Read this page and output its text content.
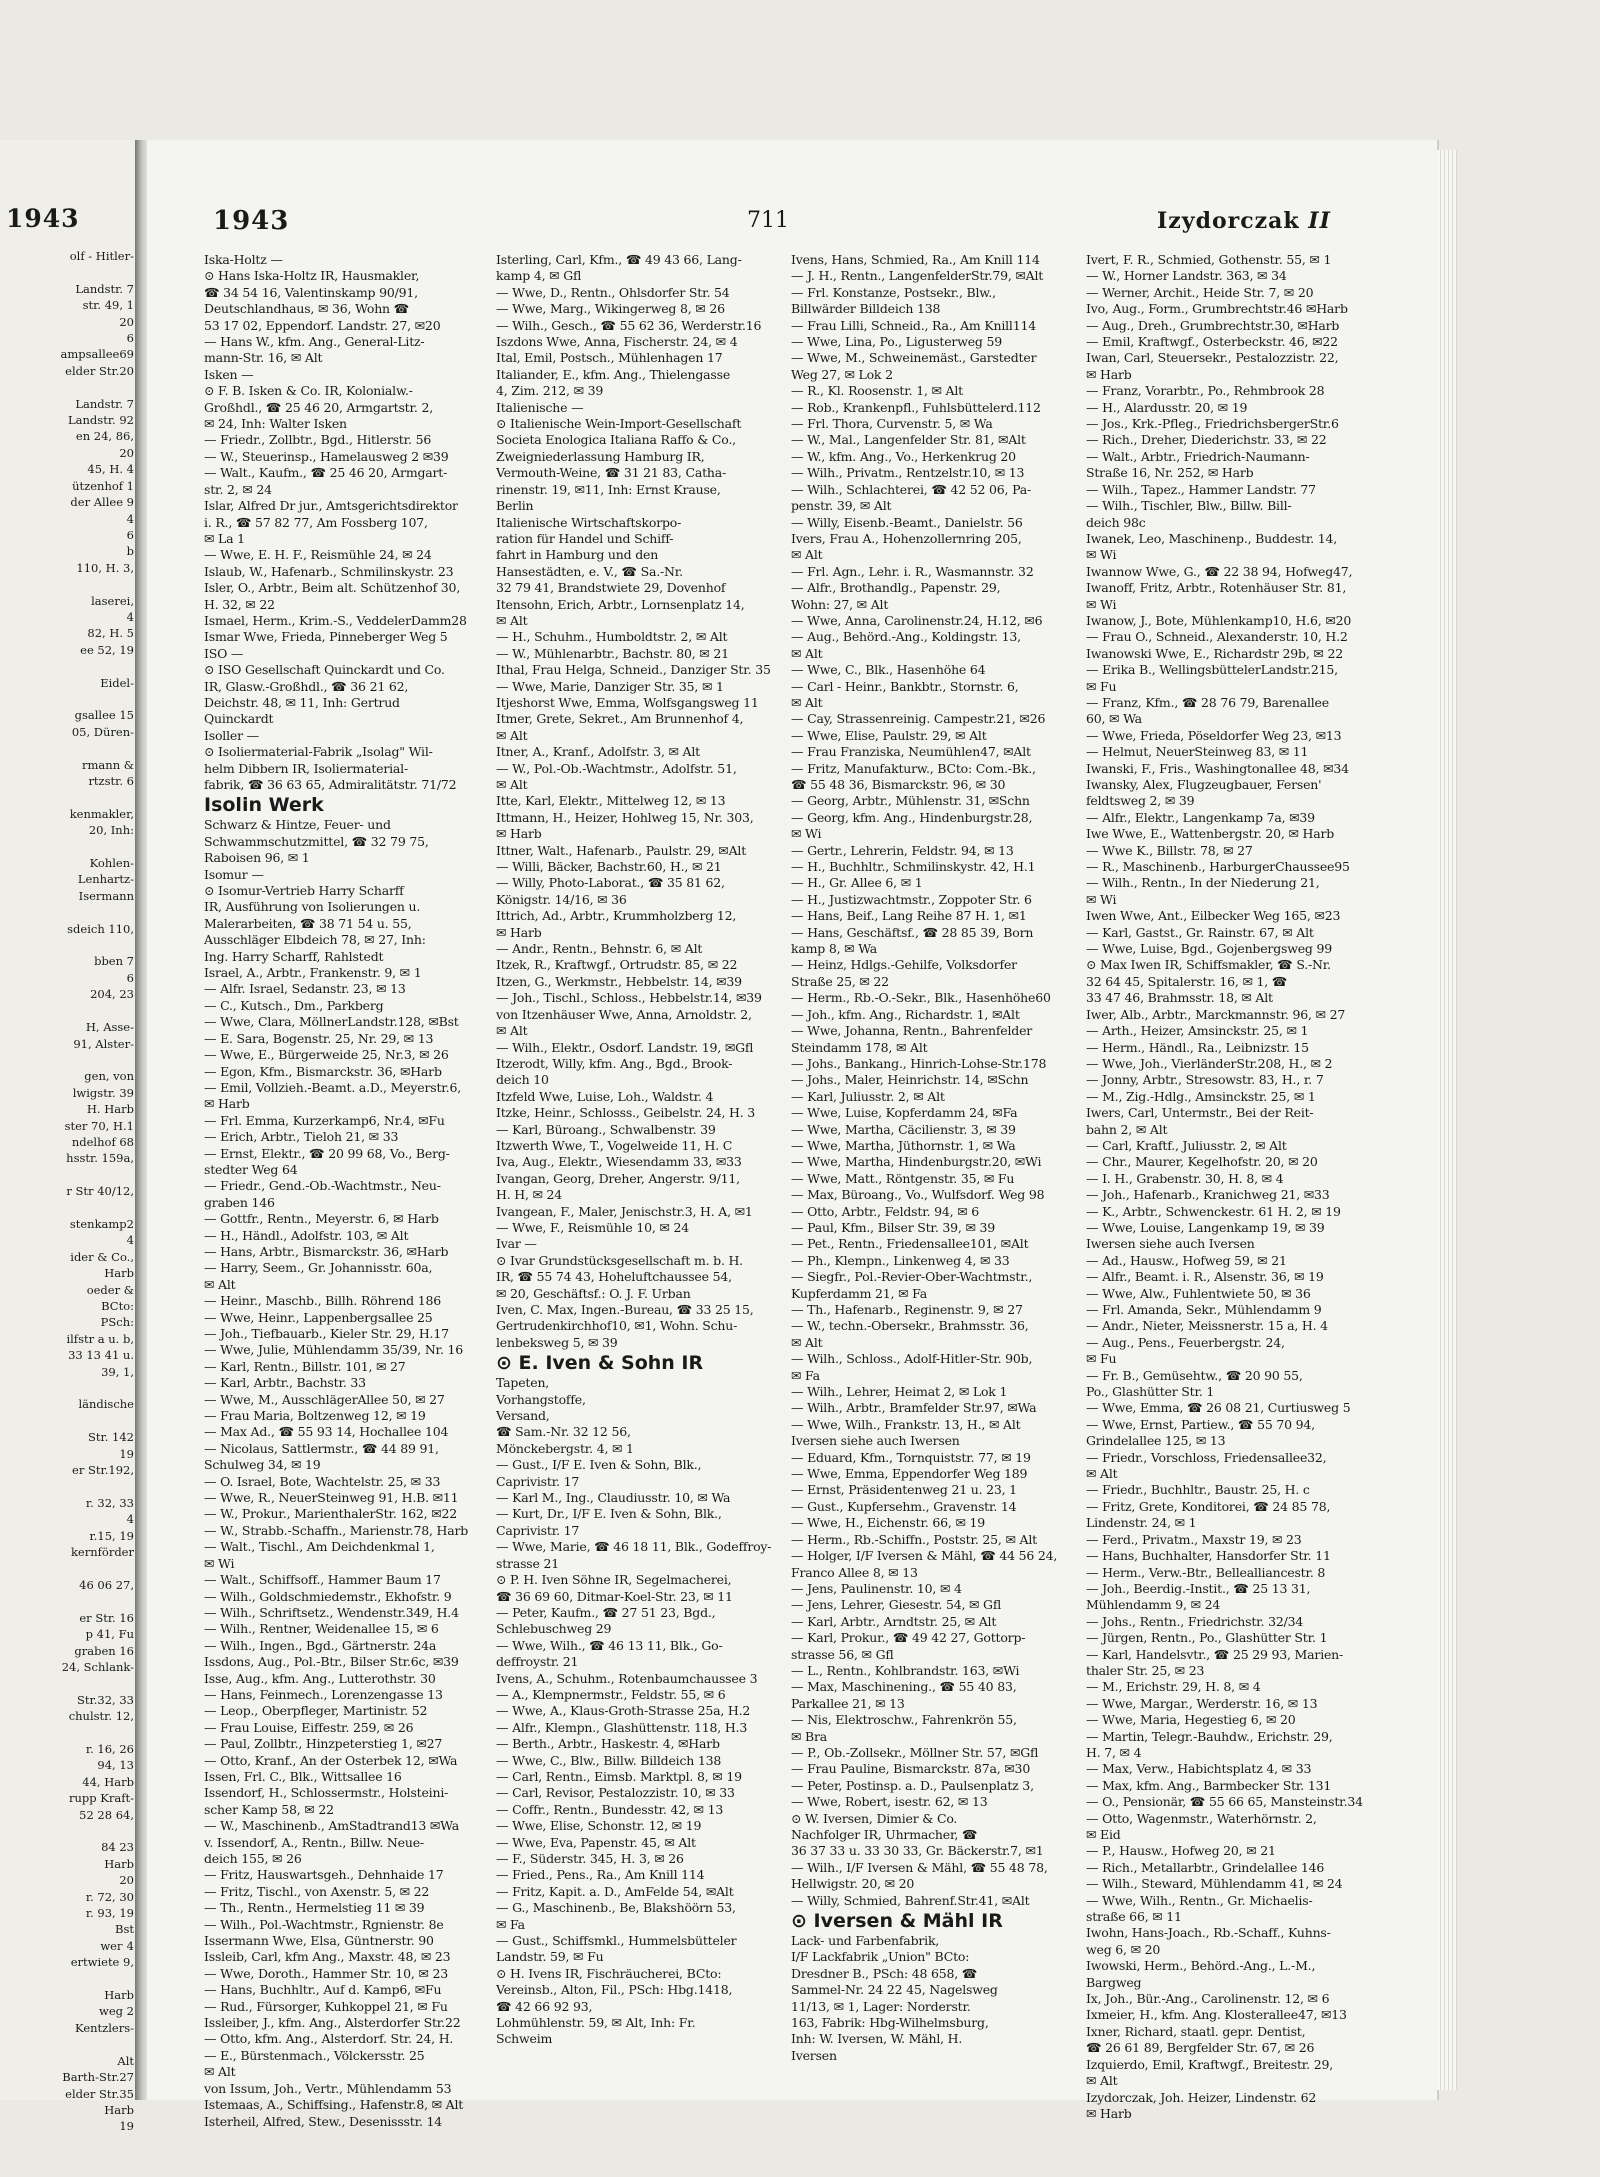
1943
olf - Hitler-

Landstr. 7
str. 49, 1
20
6
ampsallee69
elder Str.20

Landstr. 7
Landstr. 92
en 24, 86,
20
45, H. 4
ützenhof 1
der Allee 9
4
6
b
110, H. 3,

laserei,
4
82, H. 5
ee 52, 19

Eidel-

gsallee 15
05, Düren-

rmann &
rtzstr. 6

kenmakler,
20, Inh:

Kohlen-
Lenhartz-
Isermann

sdeich 110,

bben 7
6
204, 23

H, Asse-
91, Alster-

gen, von
lwigstr. 39
H. Harb
ster 70, H.1
ndelhof 68
hsstr. 159a,

r Str 40/12,

stenkamp2
4
ider & Co.,
Harb
oeder &
BCto:
PSch:
ilfstr a u. b,
33 13 41 u.
39, 1,

ländische

Str. 142
19
er Str.192,

r. 32, 33
4
r.15, 19
kernförder

46 06 27,

er Str. 16
p 41, Fu
graben 16
24, Schlank-

Str.32, 33
chulstr. 12,

r. 16, 26
94, 13
44, Harb
rupp Kraft-
52 28 64,

84 23
Harb
20
r. 72, 30
r. 93, 19
Bst
wег 4
ertwiete 9,

Harb
weg 2
Kentzlers-

Alt
Barth-Str.27
elder Str.35
Harb
19
1943	711	Izydorczak II
Iska-Holtz —
⊙ Hans Iska-Holtz IR, Hausmakler,
☎ 34 54 16, Valentinskamp 90/91,
Deutschlandhaus, ✉ 36, Wohn ☎
53 17 02, Eppendorf. Landstr. 27, ✉20
— Hans W., kfm. Ang., General-Litz-
mann-Str. 16, ✉ Alt
Isken —
⊙ F. B. Isken & Co. IR, Kolonialw.-
Großhdl., ☎ 25 46 20, Armgartstr. 2,
✉ 24, Inh: Walter Isken
— Friedr., Zollbtr., Bgd., Hitlerstr. 56
— W., Steuerinsp., Hamelausweg 2 ✉39
— Walt., Kaufm., ☎ 25 46 20, Armgart-
str. 2, ✉ 24
Islar, Alfred Dr jur., Amtsgerichtsdirektor
i. R., ☎ 57 82 77, Am Fossberg 107,
✉ La 1
— Wwe, E. H. F., Reismühle 24, ✉ 24
Islaub, W., Hafenarb., Schmilinskystr. 23
Isler, O., Arbtr., Beim alt. Schützenhof 30,
H. 32, ✉ 22
Ismael, Herm., Krim.-S., VeddelerDamm28
Ismar Wwe, Frieda, Pinneberger Weg 5
ISO —
⊙ ISO Gesellschaft Quinckardt und Co.
IR, Glasw.-Großhdl., ☎ 36 21 62,
Deichstr. 48, ✉ 11, Inh: Gertrud
Quinckardt
Isoller —
⊙ Isoliermaterial-Fabrik „Isolag" Wil-
helm Dibbern IR, Isoliermaterial-
fabrik, ☎ 36 63 65, Admiralitätstr. 71/72
Isolin Werk
Schwarz & Hintze, Feuer- und
Schwammschutzmittel, ☎ 32 79 75,
Raboisen 96, ✉ 1
Isomur —
⊙ Isomur-Vertrieb Harry Scharff
IR, Ausführung von Isolierungen u.
Malerarbeiten, ☎ 38 71 54 u. 55,
Ausschläger Elbdeich 78, ✉ 27, Inh:
Ing. Harry Scharff, Rahlstedt
Israel, A., Arbtr., Frankenstr. 9, ✉ 1
— Alfr. Israel, Sedanstr. 23, ✉ 13
— C., Kutsch., Dm., Parkberg
— Wwe, Clara, MöllnerLandstr.128, ✉Bst
— E. Sara, Bogenstr. 25, Nr. 29, ✉ 13
— Wwe, E., Bürgerweide 25, Nr.3, ✉ 26
— Egon, Kfm., Bismarckstr. 36, ✉Harb
— Emil, Vollzieh.-Beamt. a.D., Meyerstr.6,
✉ Harb
— Frl. Emma, Kurzerkamp6, Nr.4, ✉Fu
— Erich, Arbtr., Tieloh 21, ✉ 33
— Ernst, Elektr., ☎ 20 99 68, Vo., Berg-
stedter Weg 64
— Friedr., Gend.-Ob.-Wachtmstr., Neu-
graben 146
— Gottfr., Rentn., Meyerstr. 6, ✉ Harb
— H., Händl., Adolfstr. 103, ✉ Alt
— Hans, Arbtr., Bismarckstr. 36, ✉Harb
— Harry, Seem., Gr. Johannisstr. 60a,
✉ Alt
— Heinr., Maschb., Billh. Röhrend 186
— Wwe, Heinr., Lappenbergsallee 25
— Joh., Tiefbauarb., Kieler Str. 29, H.17
— Wwe, Julie, Mühlendamm 35/39, Nr. 16
— Karl, Rentn., Billstr. 101, ✉ 27
— Karl, Arbtr., Bachstr. 33
— Wwe, M., AusschlägerAllee 50, ✉ 27
— Frau Maria, Boltzenweg 12, ✉ 19
— Max Ad., ☎ 55 93 14, Hochallee 104
— Nicolaus, Sattlermstr., ☎ 44 89 91,
Schulweg 34, ✉ 19
— O. Israel, Bote, Wachtelstr. 25, ✉ 33
— Wwe, R., NeuerSteinweg 91, H.B. ✉11
— W., Prokur., MarienthalerStr. 162, ✉22
— W., Strabb.-Schaffn., Marienstr.78, Harb
— Walt., Tischl., Am Deichdenkmal 1,
✉ Wi
— Walt., Schiffsoff., Hammer Baum 17
— Wilh., Goldschmiedemstr., Ekhofstr. 9
— Wilh., Schriftsetz., Wendenstr.349, H.4
— Wilh., Rentner, Weidenallee 15, ✉ 6
— Wilh., Ingen., Bgd., Gärtnerstr. 24a
Issdons, Aug., Pol.-Btr., Bilser Str.6c, ✉39
Isse, Aug., kfm. Ang., Lutterothstr. 30
— Hans, Feinmech., Lorenzengasse 13
— Leop., Oberpfleger, Martinistr. 52
— Frau Louise, Eiffestr. 259, ✉ 26
— Paul, Zollbtr., Hinzpeterstieg 1, ✉27
— Otto, Kranf., An der Osterbek 12, ✉Wa
Issen, Frl. C., Blk., Wittsallee 16
Issendorf, H., Schlossermstr., Holsteini-
scher Kamp 58, ✉ 22
— W., Maschinenb., AmStadtrand13 ✉Wa
v. Issendorf, A., Rentn., Billw. Neue-
deich 155, ✉ 26
— Fritz, Hauswartsgeh., Dehnhaide 17
— Fritz, Tischl., von Axenstr. 5, ✉ 22
— Th., Rentn., Hermelstieg 11 ✉ 39
— Wilh., Pol.-Wachtmstr., Rgnienstr. 8e
Issermann Wwe, Elsa, Güntnerstr. 90
Issleib, Carl, kfm Ang., Maxstr. 48, ✉ 23
— Wwe, Doroth., Hammer Str. 10, ✉ 23
— Hans, Buchhltr., Auf d. Kamp6, ✉Fu
— Rud., Fürsorger, Kuhkoppel 21, ✉ Fu
Issleiber, J., kfm. Ang., Alsterdorfer Str.22
— Otto, kfm. Ang., Alsterdorf. Str. 24, H.
— E., Bürstenmach., Völckersstr. 25
✉ Alt
von Issum, Joh., Vertr., Mühlendamm 53
Istemaas, A., Schiffsing., Hafenstr.8, ✉ Alt
Isterheil, Alfred, Stew., Desenissstr. 14
Isterling, Carl, Kfm., ☎ 49 43 66, Lang-
kamp 4, ✉ Gfl
— Wwe, D., Rentn., Ohlsdorfer Str. 54
— Wwe, Marg., Wikingerweg 8, ✉ 26
— Wilh., Gesch., ☎ 55 62 36, Werderstr.16
Iszdons Wwe, Anna, Fischerstr. 24, ✉ 4
Ital, Emil, Postsch., Mühlenhagen 17
Italiander, E., kfm. Ang., Thielengasse
4, Zim. 212, ✉ 39
Italienische —
⊙ Italienische Wein-Import-Gesellschaft
Societa Enologica Italiana Raffo & Co.,
Zweigniederlassung Hamburg IR,
Vermouth-Weine, ☎ 31 21 83, Catha-
rinenstr. 19, ✉11, Inh: Ernst Krause,
Berlin
Italienische Wirtschaftskorpo-
ration für Handel und Schiff-
fahrt in Hamburg und den
Hansestädten, e. V., ☎ Sa.-Nr.
32 79 41, Brandstwiete 29, Dovenhof
Itensohn, Erich, Arbtr., Lornsenplatz 14,
✉ Alt
— H., Schuhm., Humboldtstr. 2, ✉ Alt
— W., Mühlenarbtr., Bachstr. 80, ✉ 21
Ithal, Frau Helga, Schneid., Danziger Str. 35
— Wwe, Marie, Danziger Str. 35, ✉ 1
Itjeshorst Wwe, Emma, Wolfsgangsweg 11
Itmer, Grete, Sekret., Am Brunnenhof 4,
✉ Alt
Itner, A., Kranf., Adolfstr. 3, ✉ Alt
— W., Pol.-Ob.-Wachtmstr., Adolfstr. 51,
✉ Alt
Itte, Karl, Elektr., Mittelweg 12, ✉ 13
Ittmann, H., Heizer, Hohlweg 15, Nr. 303,
✉ Harb
Ittner, Walt., Hafenarb., Paulstr. 29, ✉Alt
— Willi, Bäcker, Bachstr.60, H., ✉ 21
— Willy, Photo-Laborat., ☎ 35 81 62,
Königstr. 14/16, ✉ 36
Ittrich, Ad., Arbtr., Krummholzberg 12,
✉ Harb
— Andr., Rentn., Behnstr. 6, ✉ Alt
Itzek, R., Kraftwgf., Ortrudstr. 85, ✉ 22
Itzen, G., Werkmstr., Hebbelstr. 14, ✉39
— Joh., Tischl., Schloss., Hebbelstr.14, ✉39
von Itzenhäuser Wwe, Anna, Arnoldstr. 2,
✉ Alt
— Wilh., Elektr., Osdorf. Landstr. 19, ✉Gfl
Itzerodt, Willy, kfm. Ang., Bgd., Brook-
deich 10
Itzfeld Wwe, Luise, Loh., Waldstr. 4
Itzke, Heinr., Schlosss., Geibelstr. 24, H. 3
— Karl, Büroang., Schwalbenstr. 39
Itzwerth Wwe, T., Vogelweide 11, H. C
Iva, Aug., Elektr., Wiesendamm 33, ✉33
Ivangan, Georg, Dreher, Angerstr. 9/11,
H. H, ✉ 24
Ivangean, F., Maler, Jenischstr.3, H. A, ✉1
— Wwe, F., Reismühle 10, ✉ 24
Ivar —
⊙ Ivar Grundstücksgesellschaft m. b. H.
IR, ☎ 55 74 43, Hoheluftchaussee 54,
✉ 20, Geschäftsf.: O. J. F. Urban
Iven, C. Max, Ingen.-Bureau, ☎ 33 25 15,
Gertrudenkirchhof10, ✉1, Wohn. Schu-
lenbeksweg 5, ✉ 39
⊙ E. Iven & Sohn IR
Tapeten,
Vorhangstoffe,
Versand,
☎ Sam.-Nr. 32 12 56,
Mönckebergstr. 4, ✉ 1
— Gust., I/F E. Iven & Sohn, Blk.,
Caprivistr. 17
— Karl M., Ing., Claudiusstr. 10, ✉ Wa
— Kurt, Dr., I/F E. Iven & Sohn, Blk.,
Caprivistr. 17
— Wwe, Marie, ☎ 46 18 11, Blk., Godeffroy-
strasse 21
⊙ P. H. Iven Söhne IR, Segelmacherei,
☎ 36 69 60, Ditmar-Koel-Str. 23, ✉ 11
— Peter, Kaufm., ☎ 27 51 23, Bgd.,
Schlebuschweg 29
— Wwe, Wilh., ☎ 46 13 11, Blk., Go-
deffroystr. 21
Ivens, A., Schuhm., Rotenbaumchaussee 3
— A., Klempnermstr., Feldstr. 55, ✉ 6
— Wwe, A., Klaus-Groth-Strasse 25a, H.2
— Alfr., Klempn., Glashüttenstr. 118, H.3
— Berth., Arbtr., Haskestr. 4, ✉Harb
— Wwe, C., Blw., Billw. Billdeich 138
— Carl, Rentn., Eimsb. Marktpl. 8, ✉ 19
— Carl, Revisor, Pestalozzistr. 10, ✉ 33
— Coffr., Rentn., Bundesstr. 42, ✉ 13
— Wwe, Elise, Schonstr. 12, ✉ 19
— Wwe, Eva, Papenstr. 45, ✉ Alt
— F., Süderstr. 345, H. 3, ✉ 26
— Fried., Pens., Ra., Am Knill 114
— Fritz, Kapit. a. D., AmFelde 54, ✉Alt
— G., Maschinenb., Be, Blakshöörn 53,
✉ Fa
— Gust., Schiffsmkl., Hummelsbütteler
Landstr. 59, ✉ Fu
⊙ H. Ivens IR, Fischräucherei, BCto:
Vereinsb., Alton, Fil., PSch: Hbg.1418,
☎ 42 66 92 93,
Lohmühlenstr. 59, ✉ Alt, Inh: Fr.
Schweim
Ivens, Hans, Schmied, Ra., Am Knill 114
— J. H., Rentn., LangenfelderStr.79, ✉Alt
— Frl. Konstanze, Postsekr., Blw.,
Billwärder Billdeich 138
— Frau Lilli, Schneid., Ra., Am Knill114
— Wwe, Lina, Po., Ligusterweg 59
— Wwe, M., Schweinemäst., Garstedter
Weg 27, ✉ Lok 2
— R., Kl. Roosenstr. 1, ✉ Alt
— Rob., Krankenpfl., Fuhlsbüttelerd.112
— Frl. Thora, Curvenstr. 5, ✉ Wa
— W., Mal., Langenfelder Str. 81, ✉Alt
— W., kfm. Ang., Vo., Herkenkrug 20
— Wilh., Privatm., Rentzelstr.10, ✉ 13
— Wilh., Schlachterei, ☎ 42 52 06, Pa-
penstr. 39, ✉ Alt
— Willy, Eisenb.-Beamt., Danielstr. 56
Ivers, Frau A., Hohenzollernring 205,
✉ Alt
— Frl. Agn., Lehr. i. R., Wasmannstr. 32
— Alfr., Brothandlg., Papenstr. 29,
Wohn: 27, ✉ Alt
— Wwe, Anna, Carolinenstr.24, H.12, ✉6
— Aug., Behörd.-Ang., Koldingstr. 13,
✉ Alt
— Wwe, C., Blk., Hasenhöhe 64
— Carl - Heinr., Bankbtr., Stornstr. 6,
✉ Alt
— Cay, Strassenreinig. Campestr.21, ✉26
— Wwe, Elise, Paulstr. 29, ✉ Alt
— Frau Franziska, Neumühlen47, ✉Alt
— Fritz, Manufakturw., BCto: Com.-Bk.,
☎ 55 48 36, Bismarckstr. 96, ✉ 30
— Georg, Arbtr., Mühlenstr. 31, ✉Schn
— Georg, kfm. Ang., Hindenburgstr.28,
✉ Wi
— Gertr., Lehrerin, Feldstr. 94, ✉ 13
— H., Buchhltr., Schmilinskystr. 42, H.1
— H., Gr. Allee 6, ✉ 1
— H., Justizwachtmstr., Zoppoter Str. 6
— Hans, Beif., Lang Reihe 87 H. 1, ✉1
— Hans, Geschäftsf., ☎ 28 85 39, Born
kamp 8, ✉ Wa
— Heinz, Hdlgs.-Gehilfe, Volksdorfer
Straße 25, ✉ 22
— Herm., Rb.-O.-Sekr., Blk., Hasenhöhe60
— Joh., kfm. Ang., Richardstr. 1, ✉Alt
— Wwe, Johanna, Rentn., Bahrenfelder
Steindamm 178, ✉ Alt
— Johs., Bankang., Hinrich-Lohse-Str.178
— Johs., Maler, Heinrichstr. 14, ✉Schn
— Karl, Juliusstr. 2, ✉ Alt
— Wwe, Luise, Kopferdamm 24, ✉Fa
— Wwe, Martha, Cäcilienstr. 3, ✉ 39
— Wwe, Martha, Jüthornstr. 1, ✉ Wa
— Wwe, Martha, Hindenburgstr.20, ✉Wi
— Wwe, Matt., Röntgenstr. 35, ✉ Fu
— Max, Büroang., Vo., Wulfsdorf. Weg 98
— Otto, Arbtr., Feldstr. 94, ✉ 6
— Paul, Kfm., Bilser Str. 39, ✉ 39
— Pet., Rentn., Friedensallee101, ✉Alt
— Ph., Klempn., Linkenweg 4, ✉ 33
— Siegfr., Pol.-Revier-Ober-Wachtmstr.,
Kupferdamm 21, ✉ Fa
— Th., Hafenarb., Reginenstr. 9, ✉ 27
— W., techn.-Obersekr., Brahmsstr. 36,
✉ Alt
— Wilh., Schloss., Adolf-Hitler-Str. 90b,
✉ Fa
— Wilh., Lehrer, Heimat 2, ✉ Lok 1
— Wilh., Arbtr., Bramfelder Str.97, ✉Wa
— Wwe, Wilh., Frankstr. 13, H., ✉ Alt
Iversen siehe auch Iwersen
— Eduard, Kfm., Tornquiststr. 77, ✉ 19
— Wwe, Emma, Eppendorfer Weg 189
— Ernst, Präsidentenweg 21 u. 23, 1
— Gust., Kupfersehm., Gravenstr. 14
— Wwe, H., Eichenstr. 66, ✉ 19
— Herm., Rb.-Schiffn., Poststr. 25, ✉ Alt
— Holger, I/F Iversen & Mähl, ☎ 44 56 24,
Franco Allee 8, ✉ 13
— Jens, Paulinenstr. 10, ✉ 4
— Jens, Lehrer, Giesestr. 54, ✉ Gfl
— Karl, Arbtr., Arndtstr. 25, ✉ Alt
— Karl, Prokur., ☎ 49 42 27, Gottorp-
strasse 56, ✉ Gfl
— L., Rentn., Kohlbrandstr. 163, ✉Wi
— Max, Maschinening., ☎ 55 40 83,
Parkallee 21, ✉ 13
— Nis, Elektroschw., Fahrenkrön 55,
✉ Bra
— P., Ob.-Zollsekr., Möllner Str. 57, ✉Gfl
— Frau Pauline, Bismarckstr. 87a, ✉30
— Peter, Postinsp. a. D., Paulsenplatz 3,
— Wwe, Robert, isestr. 62, ✉ 13
⊙ W. Iversen, Dimier & Co.
Nachfolger IR, Uhrmacher, ☎
36 37 33 u. 33 30 33, Gr. Bäckerstr.7, ✉1
— Wilh., I/F Iversen & Mähl, ☎ 55 48 78,
Hellwigstr. 20, ✉ 20
— Willy, Schmied, Bahrenf.Str.41, ✉Alt
⊙ Iversen & Mähl IR
Lack- und Farbenfabrik,
I/F Lackfabrik „Union" BCto:
Dresdner B., PSch: 48 658, ☎
Sammel-Nr. 24 22 45, Nagelsweg
11/13, ✉ 1, Lager: Norderstr.
163, Fabrik: Hbg-Wilhelmsburg,
Inh: W. Iversen, W. Mähl, H.
Iversen
Ivert, F. R., Schmied, Gothenstr. 55, ✉ 1
— W., Horner Landstr. 363, ✉ 34
— Werner, Archit., Heide Str. 7, ✉ 20
Ivo, Aug., Form., Grumbrechtstr.46 ✉Harb
— Aug., Dreh., Grumbrechtstr.30, ✉Harb
— Emil, Kraftwgf., Osterbeckstr. 46, ✉22
Iwan, Carl, Steuersekr., Pestalozzistr. 22,
✉ Harb
— Franz, Vorarbtr., Po., Rehmbrook 28
— H., Alardusstr. 20, ✉ 19
— Jos., Krk.-Pfleg., FriedrichsbergerStr.6
— Rich., Dreher, Diederichstr. 33, ✉ 22
— Walt., Arbtr., Friedrich-Naumann-
Straße 16, Nr. 252, ✉ Harb
— Wilh., Tapez., Hammer Landstr. 77
— Wilh., Tischler, Blw., Billw. Bill-
deich 98c
Iwanek, Leo, Maschinenp., Buddestr. 14,
✉ Wi
Iwannow Wwe, G., ☎ 22 38 94, Hofweg47,
Iwanoff, Fritz, Arbtr., Rotenhäuser Str. 81,
✉ Wi
Iwanow, J., Bote, Mühlenkamp10, H.6, ✉20
— Frau O., Schneid., Alexanderstr. 10, H.2
Iwanowski Wwe, E., Richardstr 29b, ✉ 22
— Erika B., WellingsbüttelerLandstr.215,
✉ Fu
— Franz, Kfm., ☎ 28 76 79, Barenallee
60, ✉ Wa
— Wwe, Frieda, Pöseldorfer Weg 23, ✉13
— Helmut, NeuerSteinweg 83, ✉ 11
Iwanski, F., Fris., Washingtonallee 48, ✉34
Iwansky, Alex, Flugzeugbauer, Fersen'
feldtsweg 2, ✉ 39
— Alfr., Elektr., Langenkamp 7a, ✉39
Iwe Wwe, E., Wattenbergstr. 20, ✉ Harb
— Wwe K., Billstr. 78, ✉ 27
— R., Maschinenb., HarburgerChaussee95
— Wilh., Rentn., In der Niederung 21,
✉ Wi
Iwen Wwe, Ant., Eilbecker Weg 165, ✉23
— Karl, Gastst., Gr. Rainstr. 67, ✉ Alt
— Wwe, Luise, Bgd., Gojenbergsweg 99
⊙ Max Iwen IR, Schiffsmakler, ☎ S.-Nr.
32 64 45, Spitalerstr. 16, ✉ 1, ☎
33 47 46, Brahmsstr. 18, ✉ Alt
Iwer, Alb., Arbtr., Marckmannstr. 96, ✉ 27
— Arth., Heizer, Amsinckstr. 25, ✉ 1
— Herm., Händl., Ra., Leibnizstr. 15
— Wwe, Joh., VierländerStr.208, H., ✉ 2
— Jonny, Arbtr., Stresowstr. 83, H., r. 7
— M., Zig.-Hdlg., Amsinckstr. 25, ✉ 1
Iwers, Carl, Untermstr., Bei der Reit-
bahn 2, ✉ Alt
— Carl, Kraftf., Juliusstr. 2, ✉ Alt
— Chr., Maurer, Kegelhofstr. 20, ✉ 20
— I. H., Grabenstr. 30, H. 8, ✉ 4
— Joh., Hafenarb., Kranichweg 21, ✉33
— K., Arbtr., Schwenckestr. 61 H. 2, ✉ 19
— Wwe, Louise, Langenkamp 19, ✉ 39
Iwersen siehe auch Iversen
— Ad., Hausw., Hofweg 59, ✉ 21
— Alfr., Beamt. i. R., Alsenstr. 36, ✉ 19
— Wwe, Alw., Fuhlentwiete 50, ✉ 36
— Frl. Amanda, Sekr., Mühlendamm 9
— Andr., Nieter, Meissnerstr. 15 a, H. 4
— Aug., Pens., Feuerbergstr. 24,
✉ Fu
— Fr. B., Gemüsehtw., ☎ 20 90 55,
Po., Glashütter Str. 1
— Wwe, Emma, ☎ 26 08 21, Curtiusweg 5
— Wwe, Ernst, Partiew., ☎ 55 70 94,
Grindelallee 125, ✉ 13
— Friedr., Vorschloss, Friedensallee32,
✉ Alt
— Friedr., Buchhltr., Baustr. 25, H. c
— Fritz, Grete, Konditorei, ☎ 24 85 78,
Lindenstr. 24, ✉ 1
— Ferd., Privatm., Maxstr 19, ✉ 23
— Hans, Buchhalter, Hansdorfer Str. 11
— Herm., Verw.-Btr., Bellealliancestr. 8
— Joh., Beerdig.-Instit., ☎ 25 13 31,
Mühlendamm 9, ✉ 24
— Johs., Rentn., Friedrichstr. 32/34
— Jürgen, Rentn., Po., Glashütter Str. 1
— Karl, Handelsvtr., ☎ 25 29 93, Marien-
thaler Str. 25, ✉ 23
— M., Erichstr. 29, H. 8, ✉ 4
— Wwe, Margar., Werderstr. 16, ✉ 13
— Wwe, Maria, Hegestieg 6, ✉ 20
— Martin, Telegr.-Bauhdw., Erichstr. 29,
H. 7, ✉ 4
— Max, Verw., Habichtsplatz 4, ✉ 33
— Max, kfm. Ang., Barmbecker Str. 131
— O., Pensionär, ☎ 55 66 65, Mansteinstr.34
— Otto, Wagenmstr., Waterhörnstr. 2,
✉ Eid
— P., Hausw., Hofweg 20, ✉ 21
— Rich., Metallarbtr., Grindelallee 146
— Wilh., Steward, Mühlendamm 41, ✉ 24
— Wwe, Wilh., Rentn., Gr. Michaelis-
straße 66, ✉ 11
Iwohn, Hans-Joach., Rb.-Schaff., Kuhns-
weg 6, ✉ 20
Iwowski, Herm., Behörd.-Ang., L.-M.,
Bargweg
Ix, Joh., Bür.-Ang., Carolinenstr. 12, ✉ 6
Ixmeier, H., kfm. Ang. Klosterallee47, ✉13
Ixner, Richard, staatl. gepr. Dentist,
☎ 26 61 89, Bergfelder Str. 67, ✉ 26
Izquierdo, Emil, Kraftwgf., Breitestr. 29,
✉ Alt
Izydorczak, Joh. Heizer, Lindenstr. 62
✉ Harb
